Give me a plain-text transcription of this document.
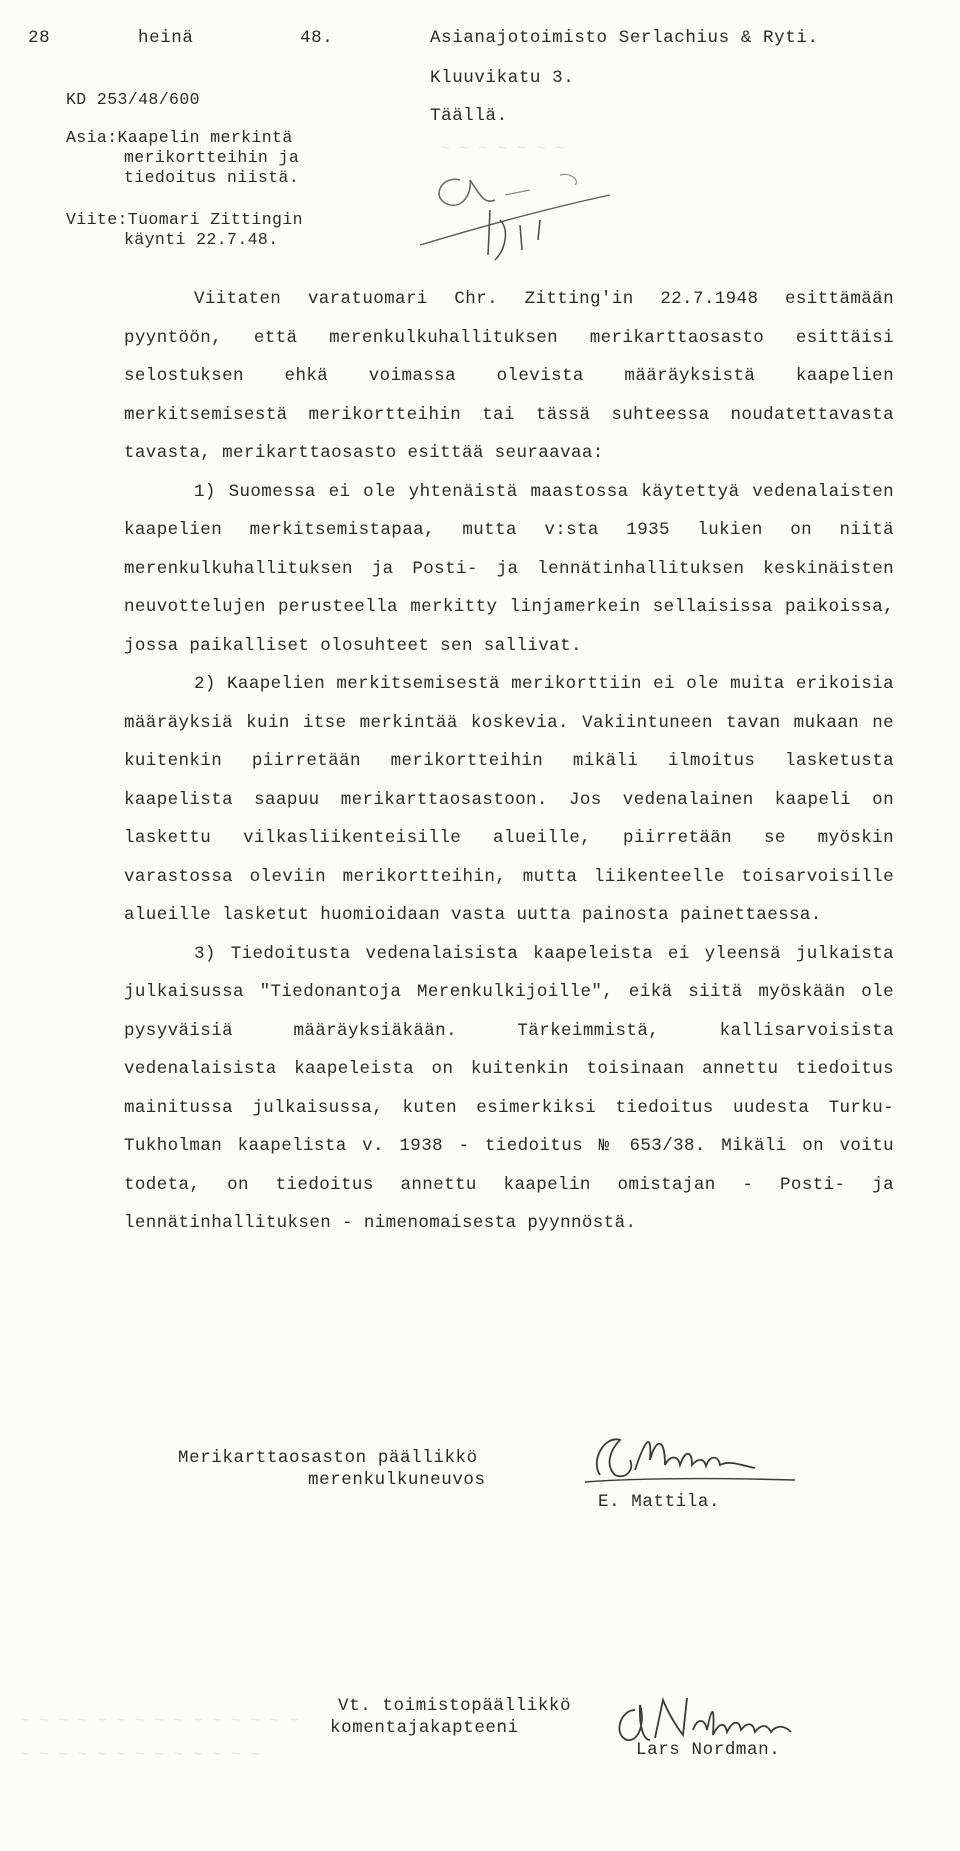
~ ~ ~ ~ ~ ~ ~
28	heinä	48.	Asianajotoimisto Serlachius & Ryti.
Kluuvikatu 3.
Täällä.
KD 253/48/600
Asia:Kaapelin merkintä
merikortteihin ja
tiedoitus niistä.
Viite:Tuomari Zittingin
käynti 22.7.48.

Viitaten varatuomari Chr. Zitting'in 22.7.1948 esittämään pyyntöön, että merenkulkuhallituksen merikarttaosasto esittäisi selostuksen ehkä voimassa olevista määräyksistä kaapelien merkitsemisestä merikortteihin tai tässä suhteessa noudatettavasta tavasta, merikarttaosasto esittää seuraavaa:

1) Suomessa ei ole yhtenäistä maastossa käytettyä vedenalaisten kaapelien merkitsemistapaa, mutta v:sta 1935 lukien on niitä merenkulkuhallituksen ja Posti- ja lennätinhallituksen keskinäisten neuvottelujen perusteella merkitty linjamerkein sellaisissa paikoissa, jossa paikalliset olosuhteet sen sallivat.

2) Kaapelien merkitsemisestä merikorttiin ei ole muita erikoisia määräyksiä kuin itse merkintää koskevia. Vakiintuneen tavan mukaan ne kuitenkin piirretään merikortteihin mikäli ilmoitus lasketusta kaapelista saapuu merikarttaosastoon. Jos vedenalainen kaapeli on laskettu vilkasliikenteisille alueille, piirretään se myöskin varastossa oleviin merikortteihin, mutta liikenteelle toisarvoisille alueille lasketut huomioidaan vasta uutta painosta painettaessa.

3) Tiedoitusta vedenalaisista kaapeleista ei yleensä julkaista julkaisussa "Tiedonantoja Merenkulkijoille", eikä siitä myöskään ole pysyväisiä määräyksiäkään. Tärkeimmistä, kallisarvoisista vedenalaisista kaapeleista on kuitenkin toisinaan annettu tiedoitus mainitussa julkaisussa, kuten esimerkiksi tiedoitus uudesta Turku-Tukholman kaapelista v. 1938 - tiedoitus № 653/38. Mikäli on voitu todeta, on tiedoitus annettu kaapelin omistajan - Posti- ja lennätinhallituksen - nimenomaisesta pyynnöstä.

Merikarttaosaston päällikkö
merenkulkuneuvos
E. Mattila.
Vt. toimistopäällikkö
komentajakapteeni
Lars Nordman.
~ ~ ~ ~ ~ ~ ~ ~ ~ ~ ~ ~ ~ ~ ~
~ ~ ~ ~ ~ ~ ~ ~ ~ ~ ~ ~ ~
